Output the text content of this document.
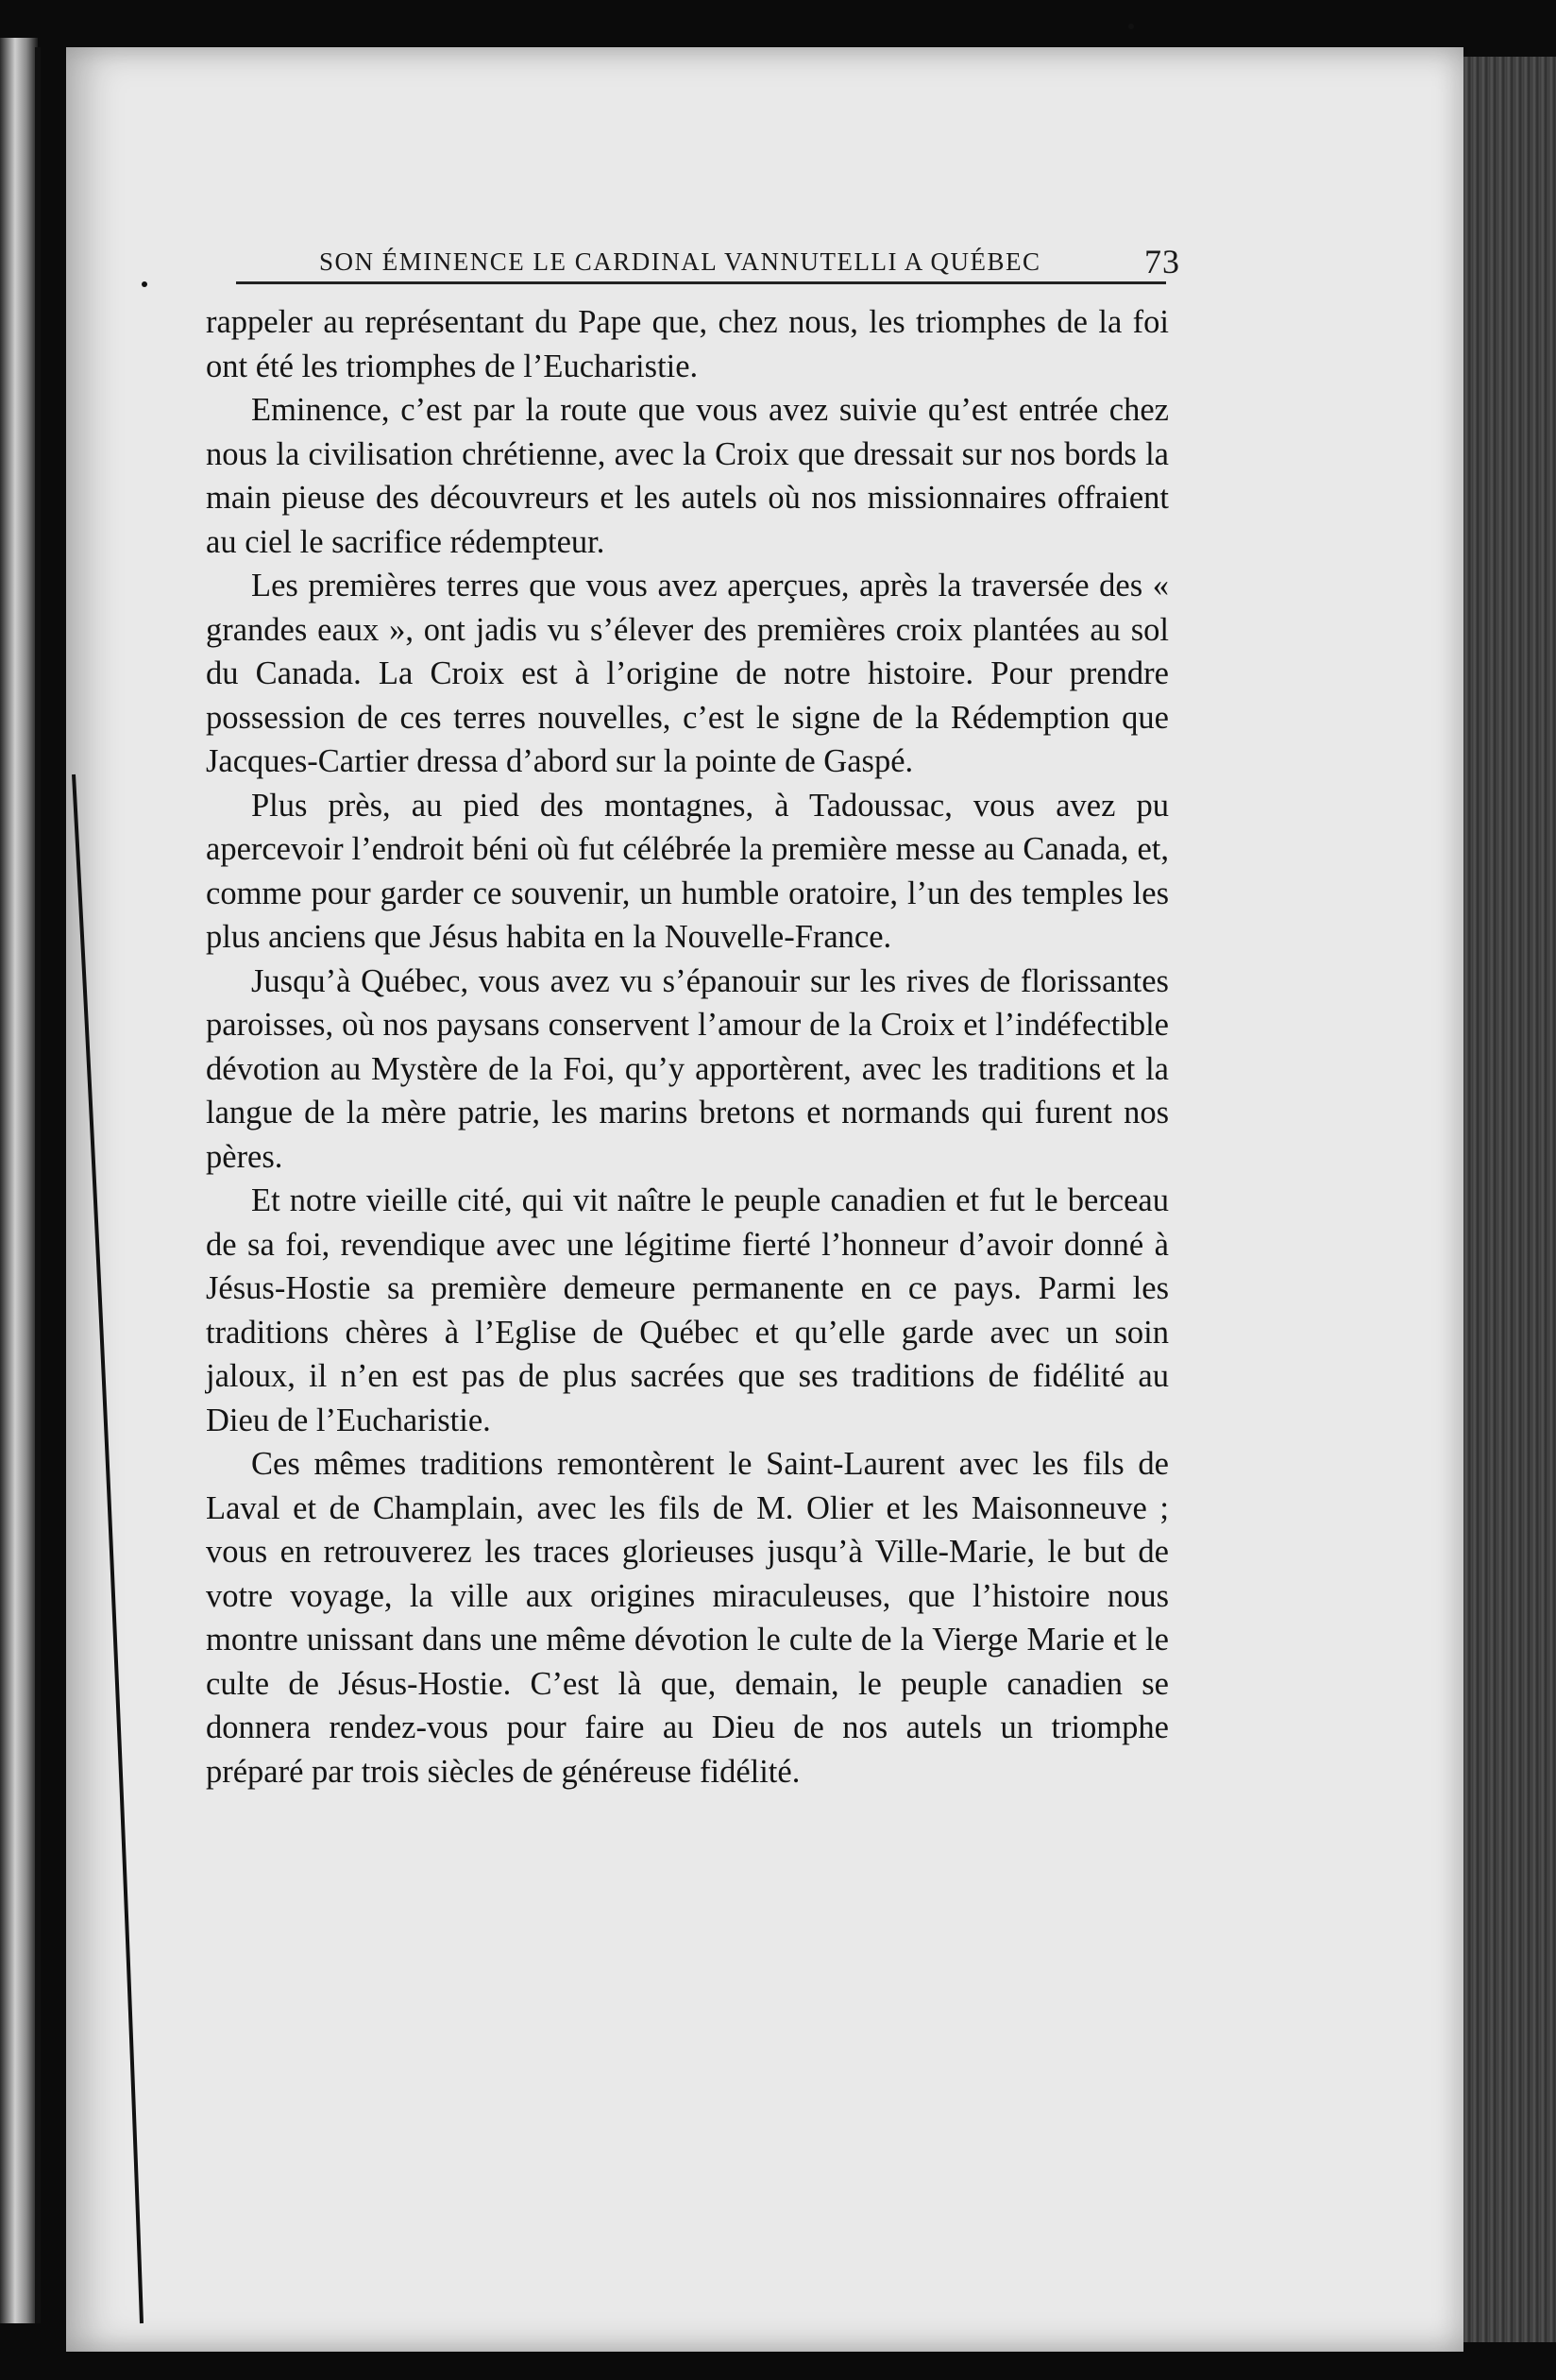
SON ÉMINENCE LE CARDINAL VANNUTELLI A QUÉBEC	73

rappeler au représentant du Pape que, chez nous, les triomphes de la foi ont été les triomphes de l’Eucharistie.

Eminence, c’est par la route que vous avez suivie qu’est entrée chez nous la civilisation chrétienne, avec la Croix que dressait sur nos bords la main pieuse des découvreurs et les autels où nos missionnaires offraient au ciel le sacrifice rédempteur.

Les premières terres que vous avez aperçues, après la traversée des « grandes eaux », ont jadis vu s’élever des premières croix plantées au sol du Canada. La Croix est à l’origine de notre histoire. Pour prendre possession de ces terres nouvelles, c’est le signe de la Rédemption que Jacques-Cartier dressa d’abord sur la pointe de Gaspé.

Plus près, au pied des montagnes, à Tadoussac, vous avez pu apercevoir l’endroit béni où fut célébrée la première messe au Canada, et, comme pour garder ce souvenir, un humble oratoire, l’un des temples les plus anciens que Jésus habita en la Nouvelle-France.

Jusqu’à Québec, vous avez vu s’épanouir sur les rives de florissantes paroisses, où nos paysans conservent l’amour de la Croix et l’indéfectible dévotion au Mystère de la Foi, qu’y apportèrent, avec les traditions et la langue de la mère patrie, les marins bretons et normands qui furent nos pères.

Et notre vieille cité, qui vit naître le peuple canadien et fut le berceau de sa foi, revendique avec une légitime fierté l’honneur d’avoir donné à Jésus-Hostie sa première demeure permanente en ce pays. Parmi les traditions chères à l’Eglise de Québec et qu’elle garde avec un soin jaloux, il n’en est pas de plus sacrées que ses traditions de fidélité au Dieu de l’Eucharistie.

Ces mêmes traditions remontèrent le Saint-Laurent avec les fils de Laval et de Champlain, avec les fils de M. Olier et les Maisonneuve ; vous en retrouverez les traces glorieuses jusqu’à Ville-Marie, le but de votre voyage, la ville aux origines miraculeuses, que l’histoire nous montre unissant dans une même dévotion le culte de la Vierge Marie et le culte de Jésus-Hostie. C’est là que, demain, le peuple canadien se donnera rendez-vous pour faire au Dieu de nos autels un triomphe préparé par trois siècles de généreuse fidélité.
